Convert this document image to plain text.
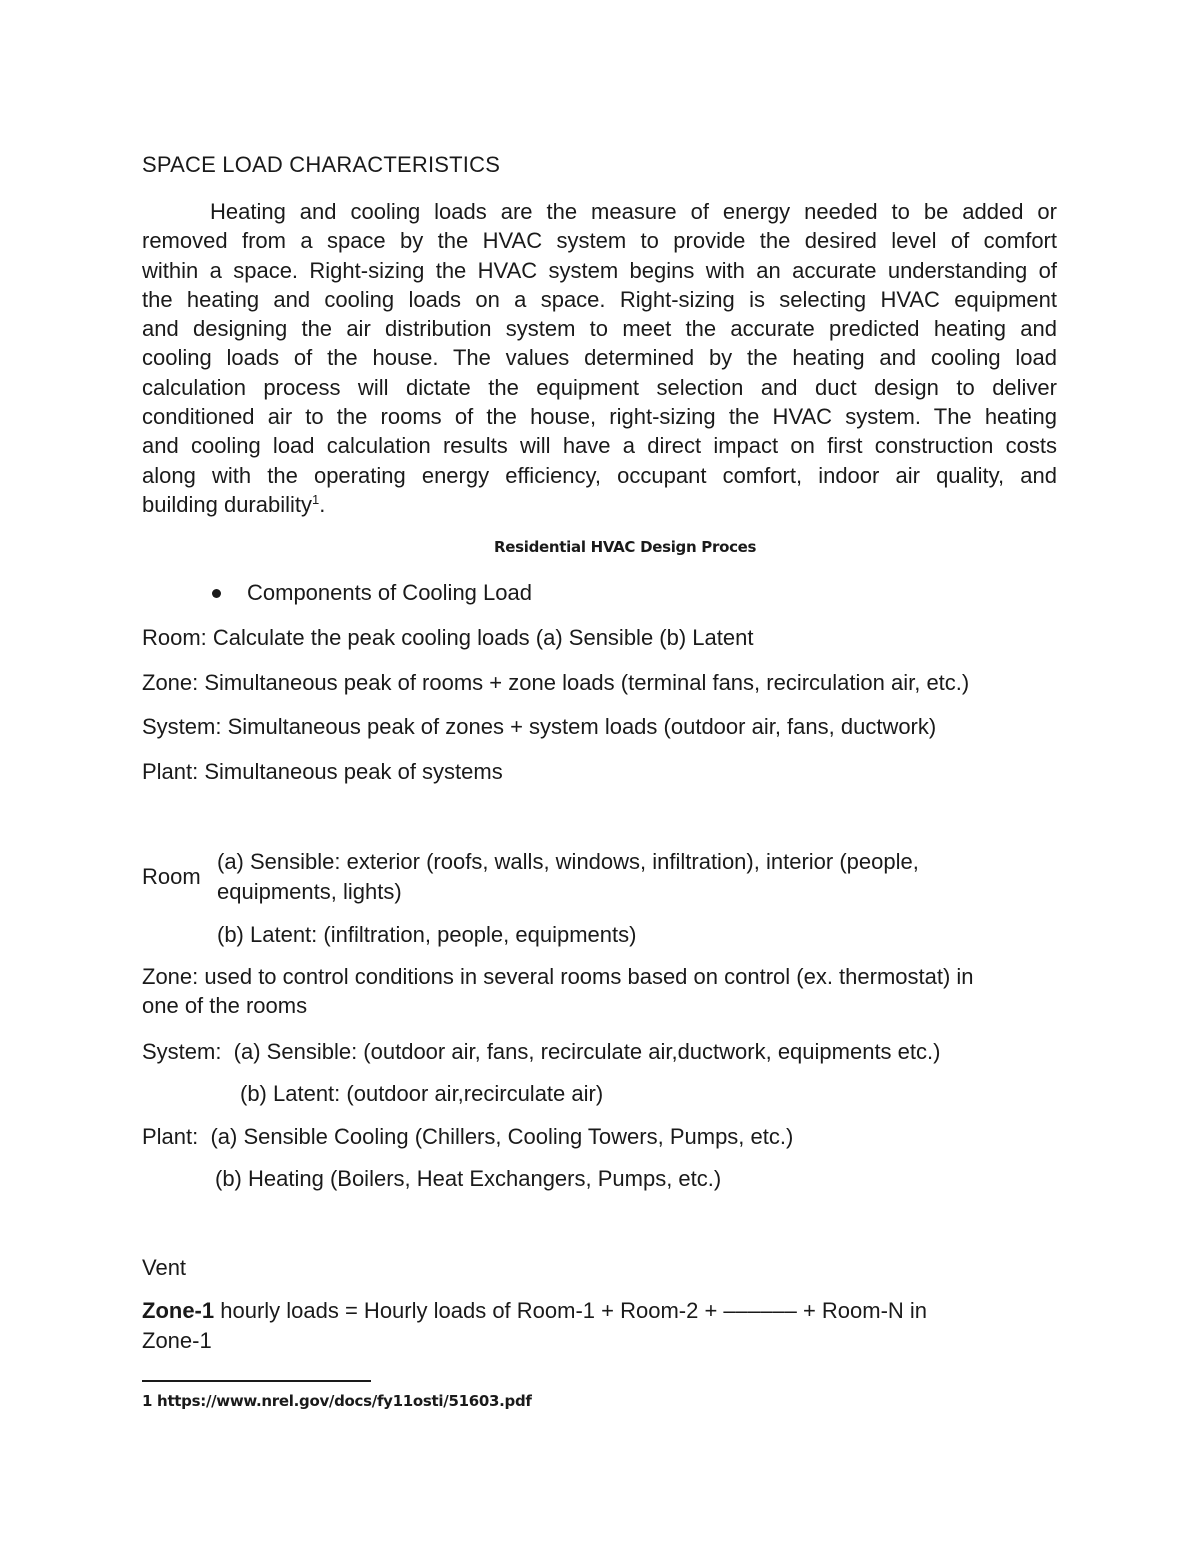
SPACE LOAD CHARACTERISTICS
Heating and cooling loads are the measure of energy needed to be added or
removed from a space by the HVAC system to provide the desired level of comfort
within a space. Right-sizing the HVAC system begins with an accurate understanding of
the heating and cooling loads on a space. Right-sizing is selecting HVAC equipment
and designing the air distribution system to meet the accurate predicted heating and
cooling loads of the house. The values determined by the heating and cooling load
calculation process will dictate the equipment selection and duct design to deliver
conditioned air to the rooms of the house, right-sizing the HVAC system. The heating
and cooling load calculation results will have a direct impact on first construction costs
along with the operating energy efficiency, occupant comfort, indoor air quality, and
building durability$^1$.
Residential HVAC Design Proces
Components of Cooling Load
Room: Calculate the peak cooling loads (a) Sensible (b) Latent
Zone: Simultaneous peak of rooms + zone loads (terminal fans, recirculation air, etc.)
System: Simultaneous peak of zones + system loads (outdoor air, fans, ductwork)
Plant: Simultaneous peak of systems
Room
(a) Sensible: exterior (roofs, walls, windows, infiltration), interior (people,
equipments, lights)
(b) Latent: (infiltration, people, equipments)
Zone: used to control conditions in several rooms based on control (ex. thermostat) in
one of the rooms
System:  (a) Sensible: (outdoor air, fans, recirculate air,ductwork, equipments etc.)
(b) Latent: (outdoor air,recirculate air)
Plant:  (a) Sensible Cooling (Chillers, Cooling Towers, Pumps, etc.)
(b) Heating (Boilers, Heat Exchangers, Pumps, etc.)
Vent
Zone-1 hourly loads = Hourly loads of Room-1 + Room-2 + –––––– + Room-N in
Zone-1
1 https://www.nrel.gov/docs/fy11osti/51603.pdf
